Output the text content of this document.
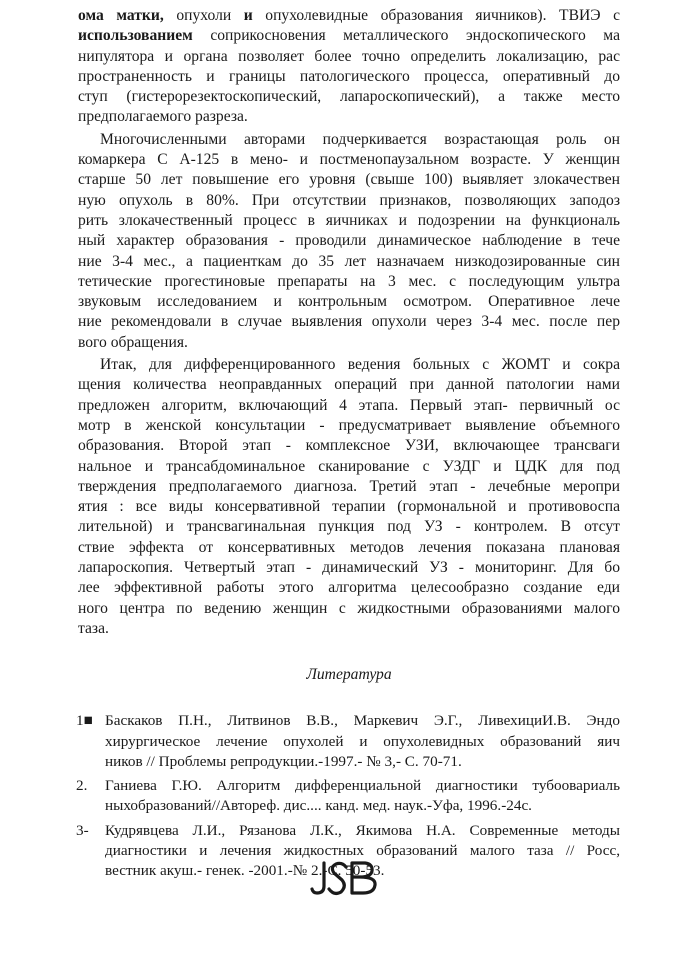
ома матки, опухоли и опухолевидные образования яичников). ТВИЭ с
использованием соприкосновения металлического эндоскопического ма
нипулятора и органа позволяет более точно определить локализацию, рас
пространенность и границы патологического процесса, оперативный до
ступ (гистерорезектоскопический, лапароскопический), а также место
предполагаемого разреза.

Многочисленными авторами подчеркивается возрастающая роль он
комаркера С А-125 в мено- и постменопаузальном возрасте. У женщин
старше 50 лет повышение его уровня (свыше 100) выявляет злокачествен
ную опухоль в 80%. При отсутствии признаков, позволяющих заподоз
рить злокачественный процесс в яичниках и подозрении на функциональ
ный характер образования - проводили динамическое наблюдение в тече
ние 3-4 мес., а пациенткам до 35 лет назначаем низкодозированные син
тетические прогестиновые препараты на 3 мес. с последующим ультра
звуковым исследованием и контрольным осмотром. Оперативное лече
ние рекомендовали в случае выявления опухоли через 3-4 мес. после пер
вого обращения.

Итак, для дифференцированного ведения больных с ЖОМТ и сокра
щения количества неоправданных операций при данной патологии нами
предложен алгоритм, включающий 4 этапа. Первый этап- первичный ос
мотр в женской консультации - предусматривает выявление объемного
образования. Второй этап - комплексное УЗИ, включающее трансваги
нальное и трансабдоминальное сканирование с УЗДГ и ЦДК для под
тверждения предполагаемого диагноза. Третий этап - лечебные меропри
ятия : все виды консервативной терапии (гормональной и противовоспа
лительной) и трансвагинальная пункция под УЗ - контролем. В отсут
ствие эффекта от консервативных методов лечения показана плановая
лапароскопия. Четвертый этап - динамический УЗ - мониторинг. Для бо
лее эффективной работы этого алгоритма целесообразно создание еди
ного центра по ведению женщин с жидкостными образованиями малого
таза.

Литература
1■ Баскаков П.Н., Литвинов В.В., Маркевич Э.Г., ЛивехициИ.В. Эндо
хирургическое лечение опухолей и опухолевидных образований яич
ников // Проблемы репродукции.-1997.- № 3,- С. 70-71.
2. Ганиева Г.Ю. Алгоритм дифференциальной диагностики тубоовариаль
ныхобразований//Автореф. дис.... канд. мед. наук.-Уфа, 1996.-24с.
3- Кудрявцева Л.И., Рязанова Л.К., Якимова Н.А. Современные методы
диагностики и лечения жидкостных образований малого таза // Росс,
вестник акуш.- генек. -2001.-№ 2.-С. 50-53.
